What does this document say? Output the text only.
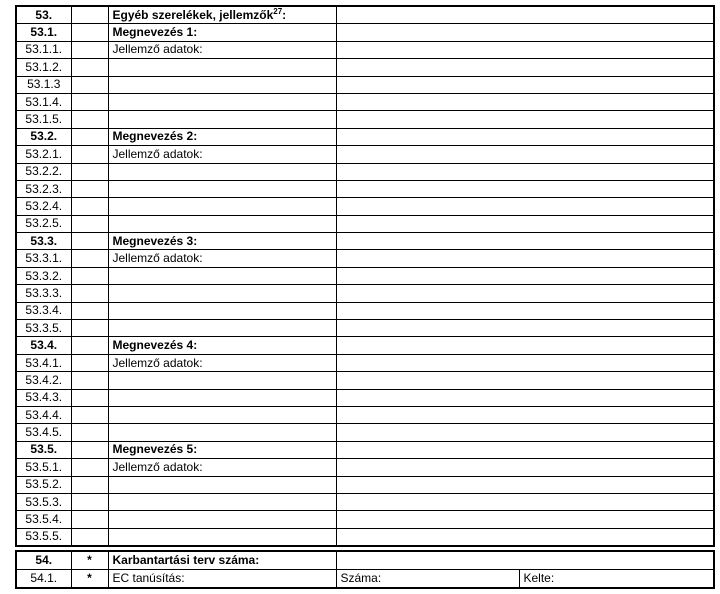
53.		Egyéb szerelékek, jellemzők$^{27}$:	
53.1.		Megnevezés 1:	
53.1.1.		Jellemző adatok:	
53.1.2.			
53.1.3			
53.1.4.			
53.1.5.			
53.2.		Megnevezés 2:	
53.2.1.		Jellemző adatok:	
53.2.2.			
53.2.3.			
53.2.4.			
53.2.5.			
53.3.		Megnevezés 3:	
53.3.1.		Jellemző adatok:	
53.3.2.			
53.3.3.			
53.3.4.			
53.3.5.			
53.4.		Megnevezés 4:	
53.4.1.		Jellemző adatok:	
53.4.2.			
53.4.3.			
53.4.4.			
53.4.5.			
53.5.		Megnevezés 5:	
53.5.1.		Jellemző adatok:	
53.5.2.			
53.5.3.			
53.5.4.			
53.5.5.			
54.	*	Karbantartási terv száma:		
54.1.	*	EC tanúsítás:	Száma:	Kelte:
